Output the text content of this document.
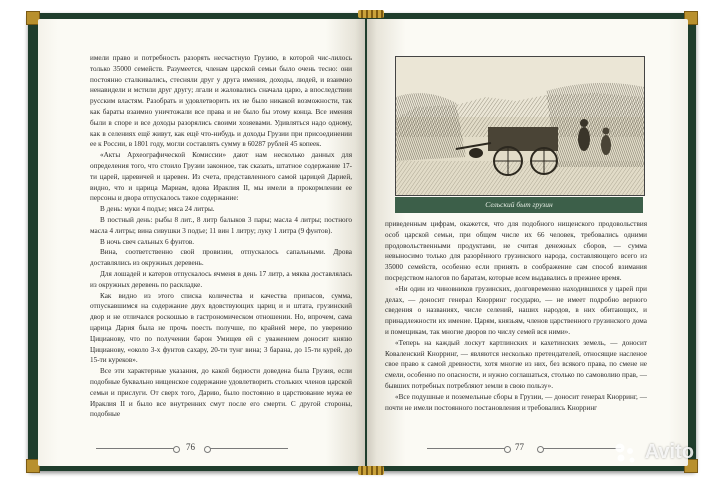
имели право и потребность разорять несчастную Грузию, в которой чис-лилось только 35000 семейств. Разумеется, членам царской семьи было очень тесно: они постоянно сталкивались, стесняли друг у друга имения, доходы, людей, и взаимно ненавидели и мстили друг другу; лгали и жаловались сначала царю, а впоследствии русским властям. Разобрать и удовлетворить их не было никакой возможности, так как бараты взаимно уничтожали все права и не было бы этому конца. Все имения были в споре и все доходы разорялись своими хозяевами. Удивляться надо одному, как в селениях ещё живут, как ещё что-нибудь и доходы Грузии при присоединении ее к России, в 1801 году, могли составлять сумму в 60287 рублей 45 копеек.

«Акты Археографической Комиссии» дают нам несколько данных для определения того, что стоило Грузии законное, так сказать, штатное содержание 17-ти царей, царевичей и царевен. Из счета, представленного самой царицей Дарией, видно, что и царица Мариам, вдова Ираклия II, мы имели в прокормлении ее персоны и двора отпускалось такое содержание:

В день: муки 4 подъе; мяса 24 литры.

В постный день: рыбы 8 лит., 8 литр балыков 3 пары; масла 4 литры; постного масла 4 литры; вина сивушки 3 подъе; 11 вин 1 литру; луку 1 литра (9 фунтов).

В ночь свеч сальных 6 фунтов.

Вина, соответственно свой провизии, отпускалось сапальными. Дрова доставлялись из окружных деревень.

Для лошадей и катеров отпускалось ячменя в день 17 литр, а мяква доставлялась из окружных деревень по раскладке.

Как видно из этого списка количества и качества припасов, сумма, отпускавшимся на содержание двух вдовствующих цариц и и штата, грузинский двор и не отличался роскошью в гастрономическом отношении. Но, впрочем, сама царица Дария была не прочь поесть получше, по крайней мере, по уверению Цицианову, что по получении барон Умищев ей с уважением доносит князю Цицианову, «около 3-х фунтов сахару, 20-ти тунг вина; 3 барана, до 15-ти курей, до 15-ти куреков».

Все эти характерные указания, до какой бедности доведена была Грузия, если подобные буквально нищенское содержание удовлетворить стольких членов царской семьи и прислуги. От сверх того, Дарию, было постоянно в царствование мужа ее Ираклия II и было все внутренних смут после его смерти. С другой стороны, подобные

76
Сельский быт грузин

приведенным цифрам, окажется, что для подобного нищенского продовольствия особ царской семьи, при общем числе их 66 человек, требовались одними продовольственными продуктами, не считая денежных сборов, — сумма невыносимо только для разорённого грузинского народа, составляющего всего из 35000 семейств, особенно если принять в соображение сам способ взимания посредством налогов по баратам, которые всем выдавались в прежнее время.

«Ни один из чиновников грузинских, долговременно находившихся у царей при делах, — доносит генерал Кнорринг государю, — не имеет подробно верного сведения о названиях, числе селений, наших народов, в них обитающих, и принадлежности их имение. Царям, князьям, членов царственного грузинского дома и помещикам, так многие дворов по числу семей вся ними».

«Теперь на каждый лоскут картлинских и кахетинских земель, — доносит Коваленский Кнорринг, — являются несколько претендателей, относящие насленое свое право к самой древности, хотя многие из них, без всякого права, по смене не смели, особенно по опасности, и нужно соглашаться, столько по самоволию прав, — бывших потребных потребляют земли в свою пользу».

«Все подушные и поземельные сборы в Грузии, — доносит генерал Кнорринг, — почти не имели постоянного постановления и требовались Кнорринг

77	Avito
